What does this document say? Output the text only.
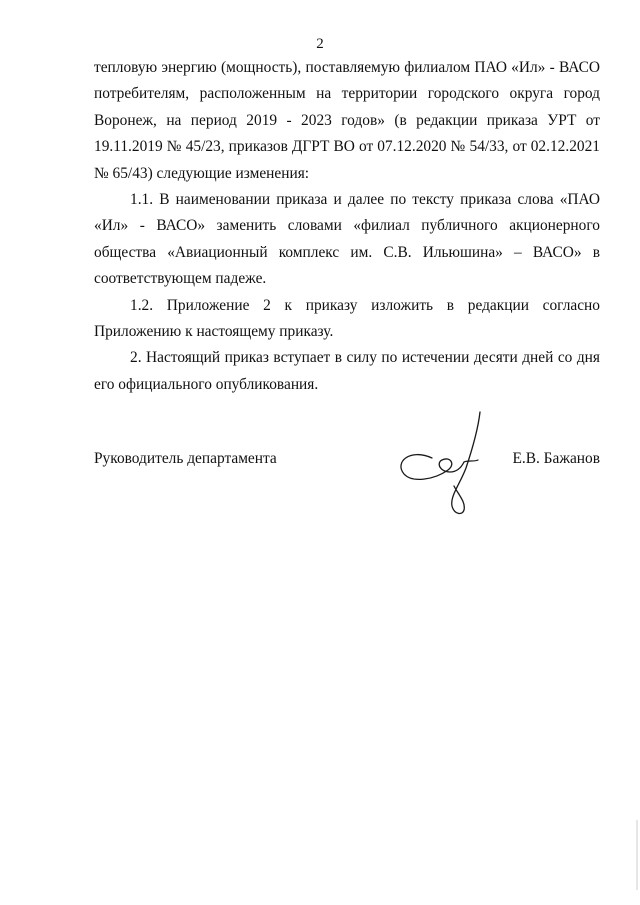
2

тепловую энергию (мощность), поставляемую филиалом ПАО «Ил» - ВАСО потребителям, расположенным на территории городского округа город Воронеж, на период 2019 - 2023 годов» (в редакции приказа УРТ от 19.11.2019 № 45/23, приказов ДГРТ ВО от 07.12.2020 № 54/33, от 02.12.2021 № 65/43) следующие изменения:

1.1. В наименовании приказа и далее по тексту приказа слова «ПАО «Ил» - ВАСО» заменить словами «филиал публичного акционерного общества «Авиационный комплекс им. С.В. Ильюшина» – ВАСО» в соответствующем падеже.

1.2. Приложение 2 к приказу изложить в редакции согласно Приложению к настоящему приказу.

2. Настоящий приказ вступает в силу по истечении десяти дней со дня его официального опубликования.

Руководитель департамента	Е.В. Бажанов
